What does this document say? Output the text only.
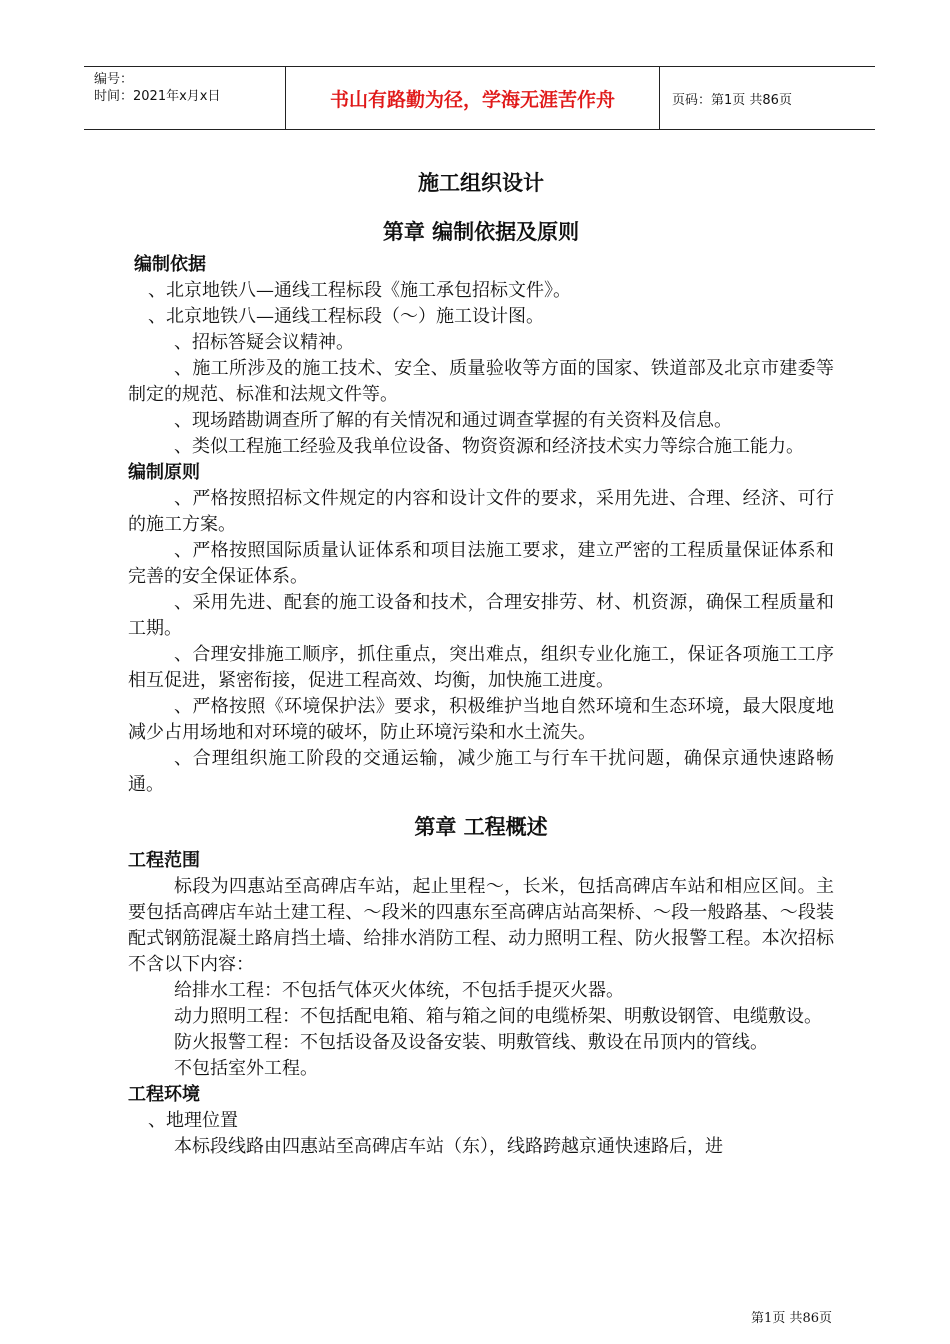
编号：
时间：2021年x月x日	书山有路勤为径，学海无涯苦作舟	页码：第1页 共86页
施工组织设计
第章 编制依据及原则
编制依据

、北京地铁八—通线工程标段《施工承包招标文件》。

、北京地铁八—通线工程标段（～）施工设计图。

、招标答疑会议精神。

、施工所涉及的施工技术、安全、质量验收等方面的国家、铁道部及北京市建委等制定的规范、标准和法规文件等。

、现场踏勘调查所了解的有关情况和通过调查掌握的有关资料及信息。

、类似工程施工经验及我单位设备、物资资源和经济技术实力等综合施工能力。

编制原则

、严格按照招标文件规定的内容和设计文件的要求，采用先进、合理、经济、可行的施工方案。

、严格按照国际质量认证体系和项目法施工要求，建立严密的工程质量保证体系和完善的安全保证体系。

、采用先进、配套的施工设备和技术，合理安排劳、材、机资源，确保工程质量和工期。

、合理安排施工顺序，抓住重点，突出难点，组织专业化施工，保证各项施工工序相互促进，紧密衔接，促进工程高效、均衡，加快施工进度。

、严格按照《环境保护法》要求，积极维护当地自然环境和生态环境，最大限度地减少占用场地和对环境的破坏，防止环境污染和水土流失。

、合理组织施工阶段的交通运输，减少施工与行车干扰问题，确保京通快速路畅通。

第章 工程概述
工程范围

标段为四惠站至高碑店车站，起止里程～，长米，包括高碑店车站和相应区间。主要包括高碑店车站土建工程、～段米的四惠东至高碑店站高架桥、～段一般路基、～段装配式钢筋混凝土路肩挡土墙、给排水消防工程、动力照明工程、防火报警工程。本次招标不含以下内容：

给排水工程：不包括气体灭火体统，不包括手提灭火器。

动力照明工程：不包括配电箱、箱与箱之间的电缆桥架、明敷设钢管、电缆敷设。

防火报警工程：不包括设备及设备安装、明敷管线、敷设在吊顶内的管线。

不包括室外工程。

工程环境

、地理位置

本标段线路由四惠站至高碑店车站（东），线路跨越京通快速路后，进

第1页 共86页
